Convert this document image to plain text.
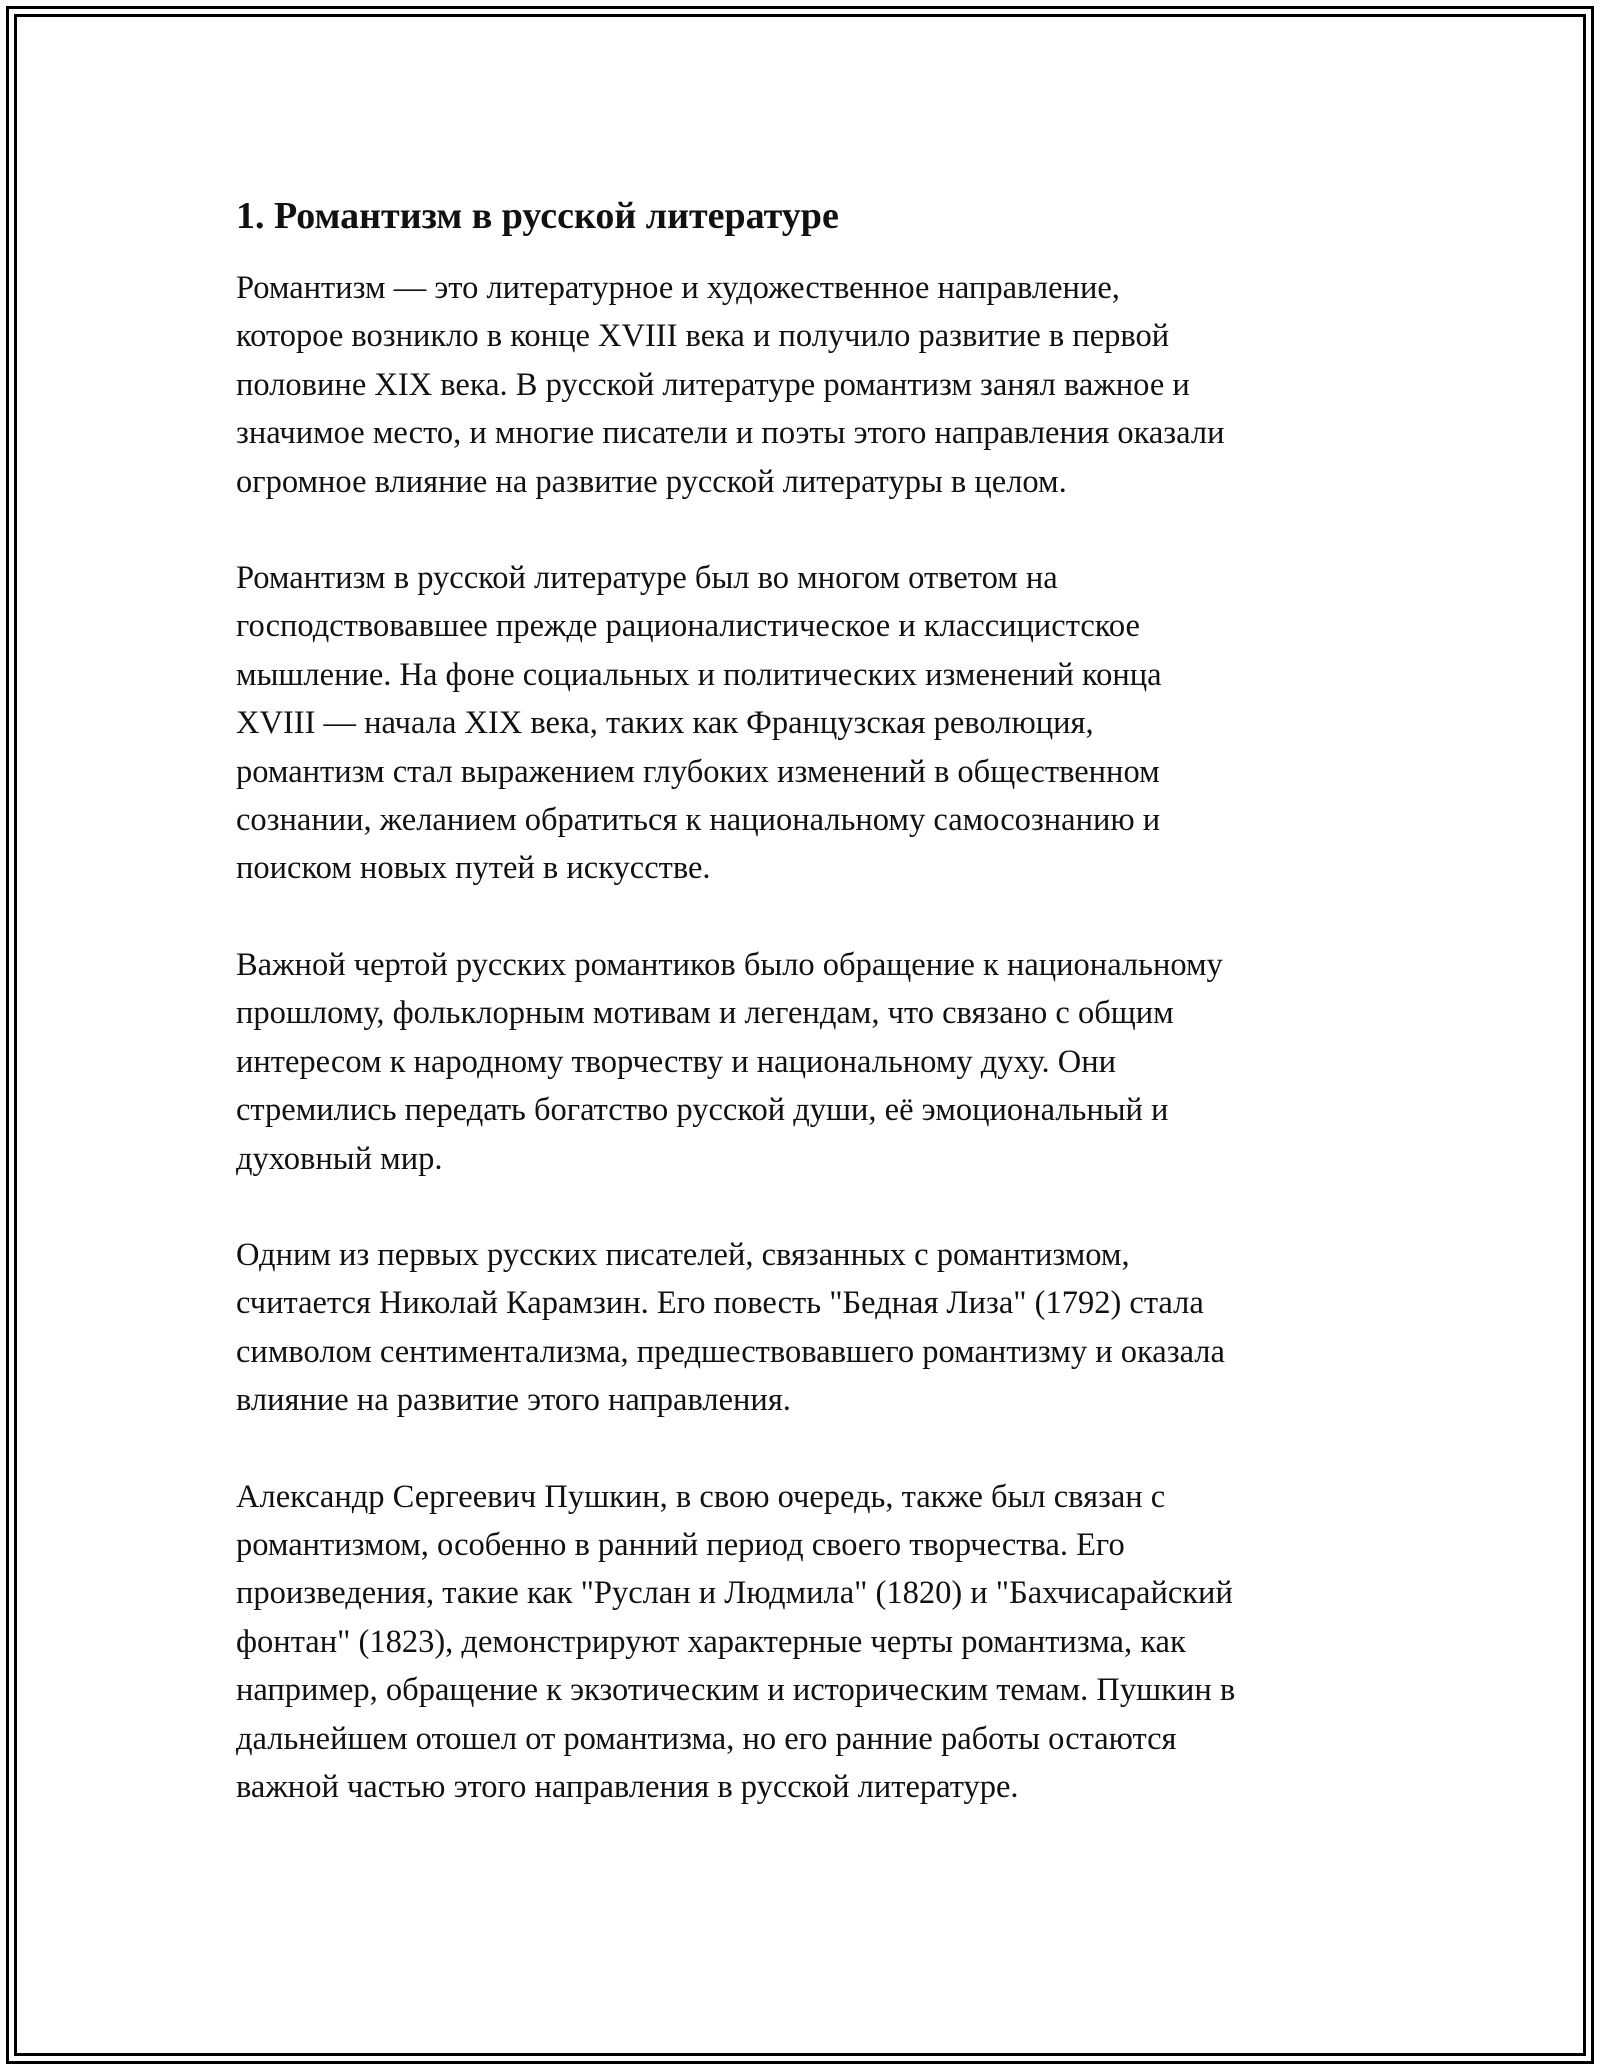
1. Романтизм в русской литературе

Романтизм — это литературное и художественное направление,
которое возникло в конце XVIII века и получило развитие в первой
половине XIX века. В русской литературе романтизм занял важное и
значимое место, и многие писатели и поэты этого направления оказали
огромное влияние на развитие русской литературы в целом.

Романтизм в русской литературе был во многом ответом на
господствовавшее прежде рационалистическое и классицистское
мышление. На фоне социальных и политических изменений конца
XVIII — начала XIX века, таких как Французская революция,
романтизм стал выражением глубоких изменений в общественном
сознании, желанием обратиться к национальному самосознанию и
поиском новых путей в искусстве.

Важной чертой русских романтиков было обращение к национальному
прошлому, фольклорным мотивам и легендам, что связано с общим
интересом к народному творчеству и национальному духу. Они
стремились передать богатство русской души, её эмоциональный и
духовный мир.

Одним из первых русских писателей, связанных с романтизмом,
считается Николай Карамзин. Его повесть "Бедная Лиза" (1792) стала
символом сентиментализма, предшествовавшего романтизму и оказала
влияние на развитие этого направления.

Александр Сергеевич Пушкин, в свою очередь, также был связан с
романтизмом, особенно в ранний период своего творчества. Его
произведения, такие как "Руслан и Людмила" (1820) и "Бахчисарайский
фонтан" (1823), демонстрируют характерные черты романтизма, как
например, обращение к экзотическим и историческим темам. Пушкин в
дальнейшем отошел от романтизма, но его ранние работы остаются
важной частью этого направления в русской литературе.
